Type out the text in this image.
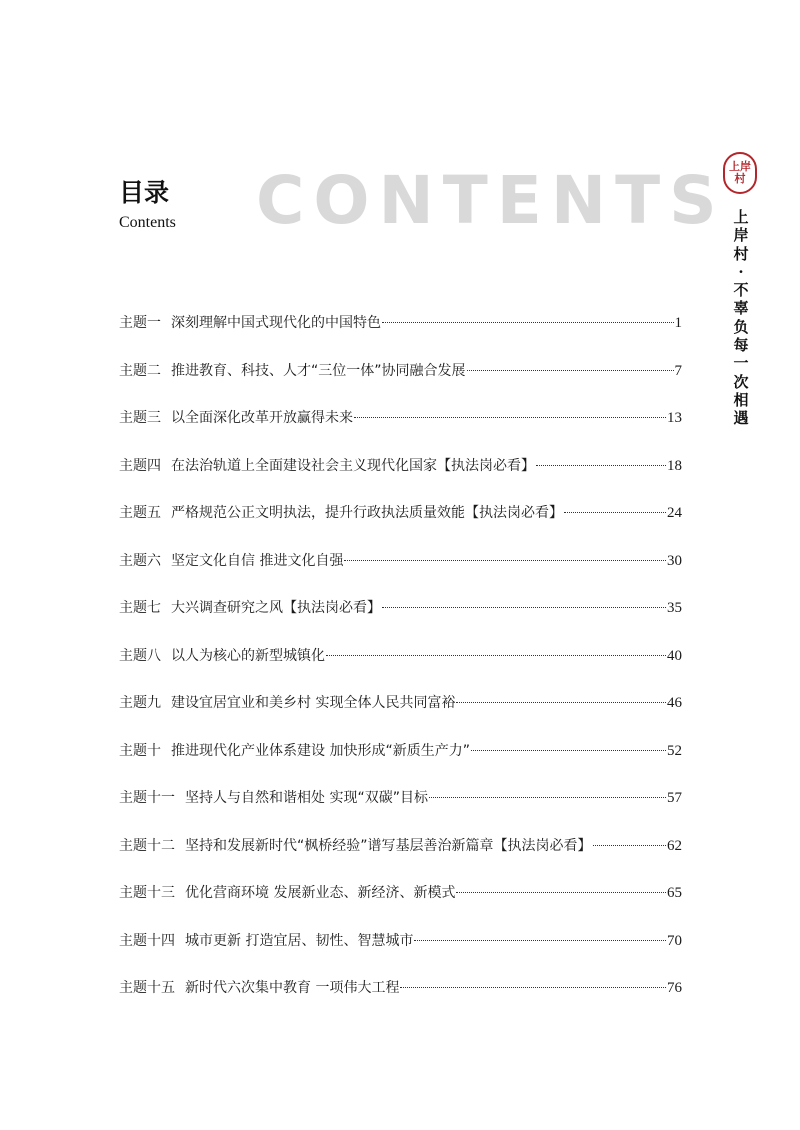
CONTENTS
目录
Contents
上岸村
上岸村·不辜负每一次相遇
主题一 深刻理解中国式现代化的中国特色	1
主题二 推进教育、科技、人才“三位一体”协同融合发展	7
主题三 以全面深化改革开放赢得未来	13
主题四 在法治轨道上全面建设社会主义现代化国家【执法岗必看】	18
主题五 严格规范公正文明执法，提升行政执法质量效能【执法岗必看】	24
主题六 坚定文化自信 推进文化自强	30
主题七 大兴调查研究之风【执法岗必看】	35
主题八 以人为核心的新型城镇化	40
主题九 建设宜居宜业和美乡村 实现全体人民共同富裕	46
主题十 推进现代化产业体系建设 加快形成“新质生产力”	52
主题十一 坚持人与自然和谐相处 实现“双碳”目标	57
主题十二 坚持和发展新时代“枫桥经验”谱写基层善治新篇章【执法岗必看】	62
主题十三 优化营商环境 发展新业态、新经济、新模式	65
主题十四 城市更新 打造宜居、韧性、智慧城市	70
主题十五 新时代六次集中教育 一项伟大工程	76
